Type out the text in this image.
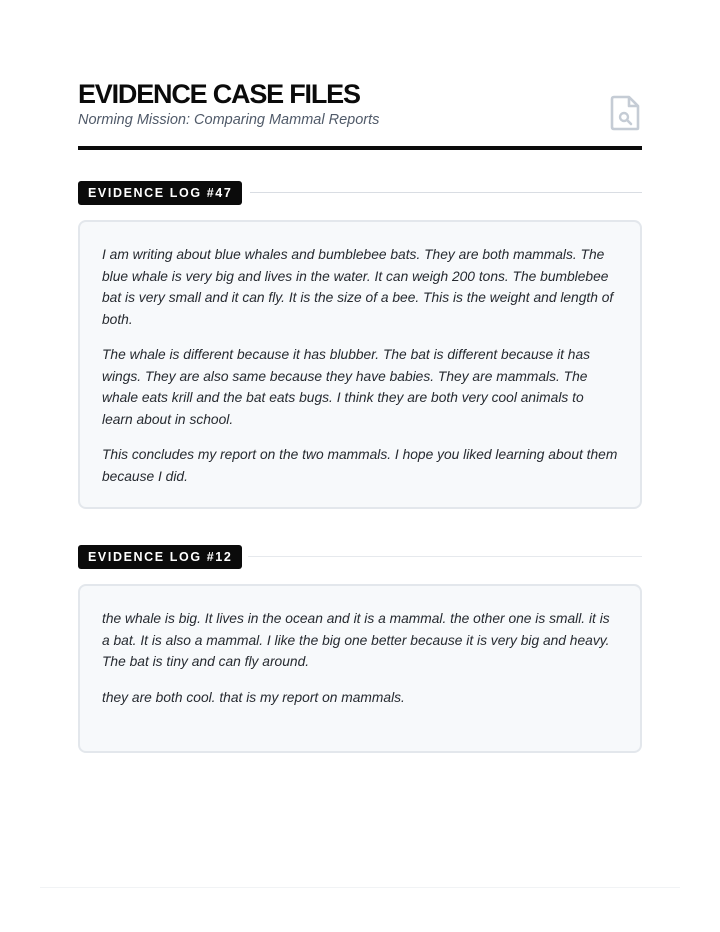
EVIDENCE CASE FILES
Norming Mission: Comparing Mammal Reports
EVIDENCE LOG #47

I am writing about blue whales and bumblebee bats. They are both mammals. The blue whale is very big and lives in the water. It can weigh 200 tons. The bumblebee bat is very small and it can fly. It is the size of a bee. This is the weight and length of both.

The whale is different because it has blubber. The bat is different because it has wings. They are also same because they have babies. They are mammals. The whale eats krill and the bat eats bugs. I think they are both very cool animals to learn about in school.

This concludes my report on the two mammals. I hope you liked learning about them because I did.

EVIDENCE LOG #12

the whale is big. It lives in the ocean and it is a mammal. the other one is small. it is a bat. It is also a mammal. I like the big one better because it is very big and heavy. The bat is tiny and can fly around.

they are both cool. that is my report on mammals.
